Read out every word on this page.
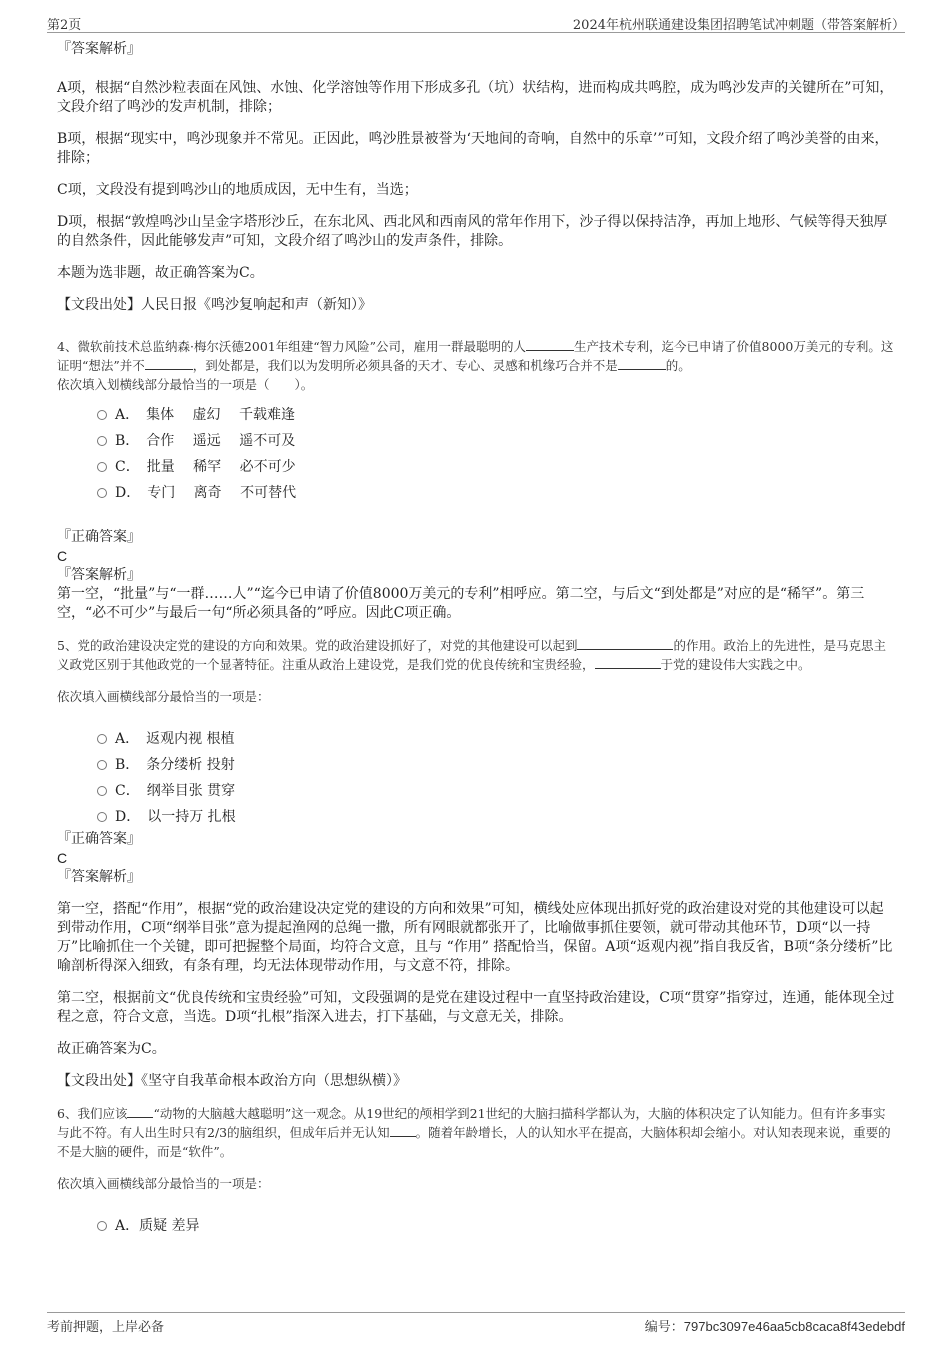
第2页	2024年杭州联通建设集团招聘笔试冲刺题（带答案解析）

『答案解析』

A项，根据“自然沙粒表面在风蚀、水蚀、化学溶蚀等作用下形成多孔（坑）状结构，进而构成共鸣腔，成为鸣沙发声的关键所在”可知，文段介绍了鸣沙的发声机制，排除；

B项，根据“现实中，鸣沙现象并不常见。正因此，鸣沙胜景被誉为‘天地间的奇响，自然中的乐章’”可知，文段介绍了鸣沙美誉的由来，排除；

C项，文段没有提到鸣沙山的地质成因，无中生有，当选；

D项，根据“敦煌鸣沙山呈金字塔形沙丘，在东北风、西北风和西南风的常年作用下，沙子得以保持洁净，再加上地形、气候等得天独厚的自然条件，因此能够发声”可知，文段介绍了鸣沙山的发声条件，排除。

本题为选非题，故正确答案为C。

【文段出处】人民日报《鸣沙复响起和声（新知）》

4、微软前技术总监纳森·梅尔沃德2001年组建“智力风险”公司，雇用一群最聪明的人	生产技术专利，迄今已申请了价值8000万美元的专利。这证明“想法”并不	，到处都是，我们以为发明所必须具备的天才、专心、灵感和机缘巧合并不是	的。

依次填入划横线部分最恰当的一项是（　　）。

A．　集体　 虚幻 　千载难逢
B．　合作　 遥远 　遥不可及
C．　批量　 稀罕 　必不可少
D．　专门　 离奇 　不可替代

『正确答案』

C

『答案解析』

第一空，“批量”与“一群……人”“迄今已申请了价值8000万美元的专利”相呼应。第二空，与后文“到处都是”对应的是“稀罕”。第三空，“必不可少”与最后一句“所必须具备的”呼应。因此C项正确。

5、党的政治建设决定党的建设的方向和效果。党的政治建设抓好了，对党的其他建设可以起到	的作用。政治上的先进性，是马克思主义政党区别于其他政党的一个显著特征。注重从政治上建设党，是我们党的优良传统和宝贵经验，	于党的建设伟大实践之中。

依次填入画横线部分最恰当的一项是：

A．　返观内视 根植
B．　条分缕析 投射
C．　纲举目张 贯穿
D．　以一持万 扎根

『正确答案』

C

『答案解析』

第一空，搭配“作用”，根据“党的政治建设决定党的建设的方向和效果”可知，横线处应体现出抓好党的政治建设对党的其他建设可以起到带动作用，C项“纲举目张”意为提起渔网的总绳一撒，所有网眼就都张开了，比喻做事抓住要领，就可带动其他环节，D项“以一持万”比喻抓住一个关键，即可把握整个局面，均符合文意，且与 “作用” 搭配恰当，保留。A项“返观内视”指自我反省，B项“条分缕析”比喻剖析得深入细致，有条有理，均无法体现带动作用，与文意不符，排除。

第二空，根据前文“优良传统和宝贵经验”可知，文段强调的是党在建设过程中一直坚持政治建设，C项“贯穿”指穿过，连通，能体现全过程之意，符合文意，当选。D项“扎根”指深入进去，打下基础，与文意无关，排除。

故正确答案为C。

【文段出处】《坚守自我革命根本政治方向（思想纵横）》

6、我们应该 “动物的大脑越大越聪明”这一观念。从19世纪的颅相学到21世纪的大脑扫描科学都认为，大脑的体积决定了认知能力。但有许多事实与此不符。有人出生时只有2/3的脑组织，但成年后并无认知 。随着年龄增长，人的认知水平在提高，大脑体积却会缩小。对认知表现来说，重要的不是大脑的硬件，而是“软件”。

依次填入画横线部分最恰当的一项是：

A．质疑 差异
考前押题，上岸必备	编号：797bc3097e46aa5cb8caca8f43edebdf
